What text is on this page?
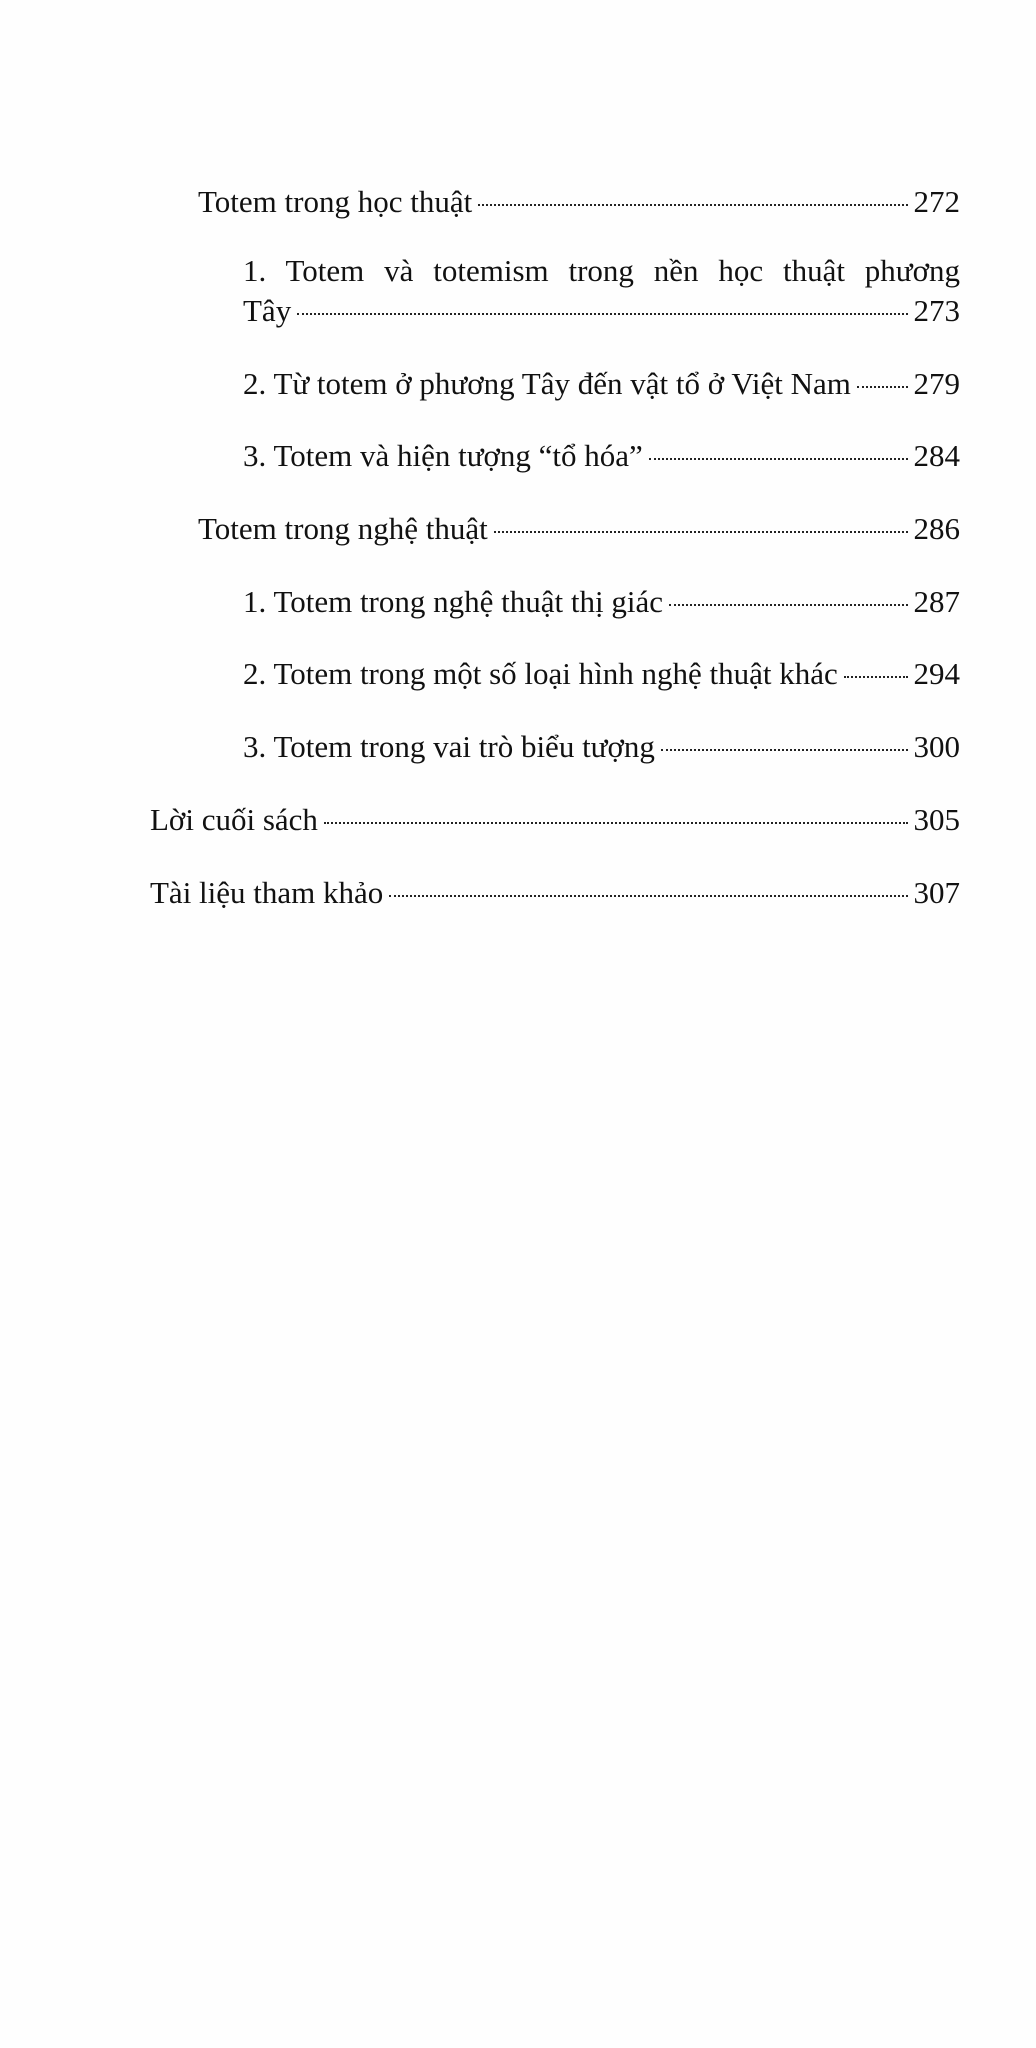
Totem trong học thuật	272
1. Totem và totemism trong nền học thuật phương
Tây	273
2. Từ totem ở phương Tây đến vật tổ ở Việt Nam 279
3. Totem và hiện tượng “tổ hóa”	284
Totem trong nghệ thuật	286
1. Totem trong nghệ thuật thị giác	287
2. Totem trong một số loại hình nghệ thuật khác 294
3. Totem trong vai trò biểu tượng	300
Lời cuối sách	305
Tài liệu tham khảo	307
